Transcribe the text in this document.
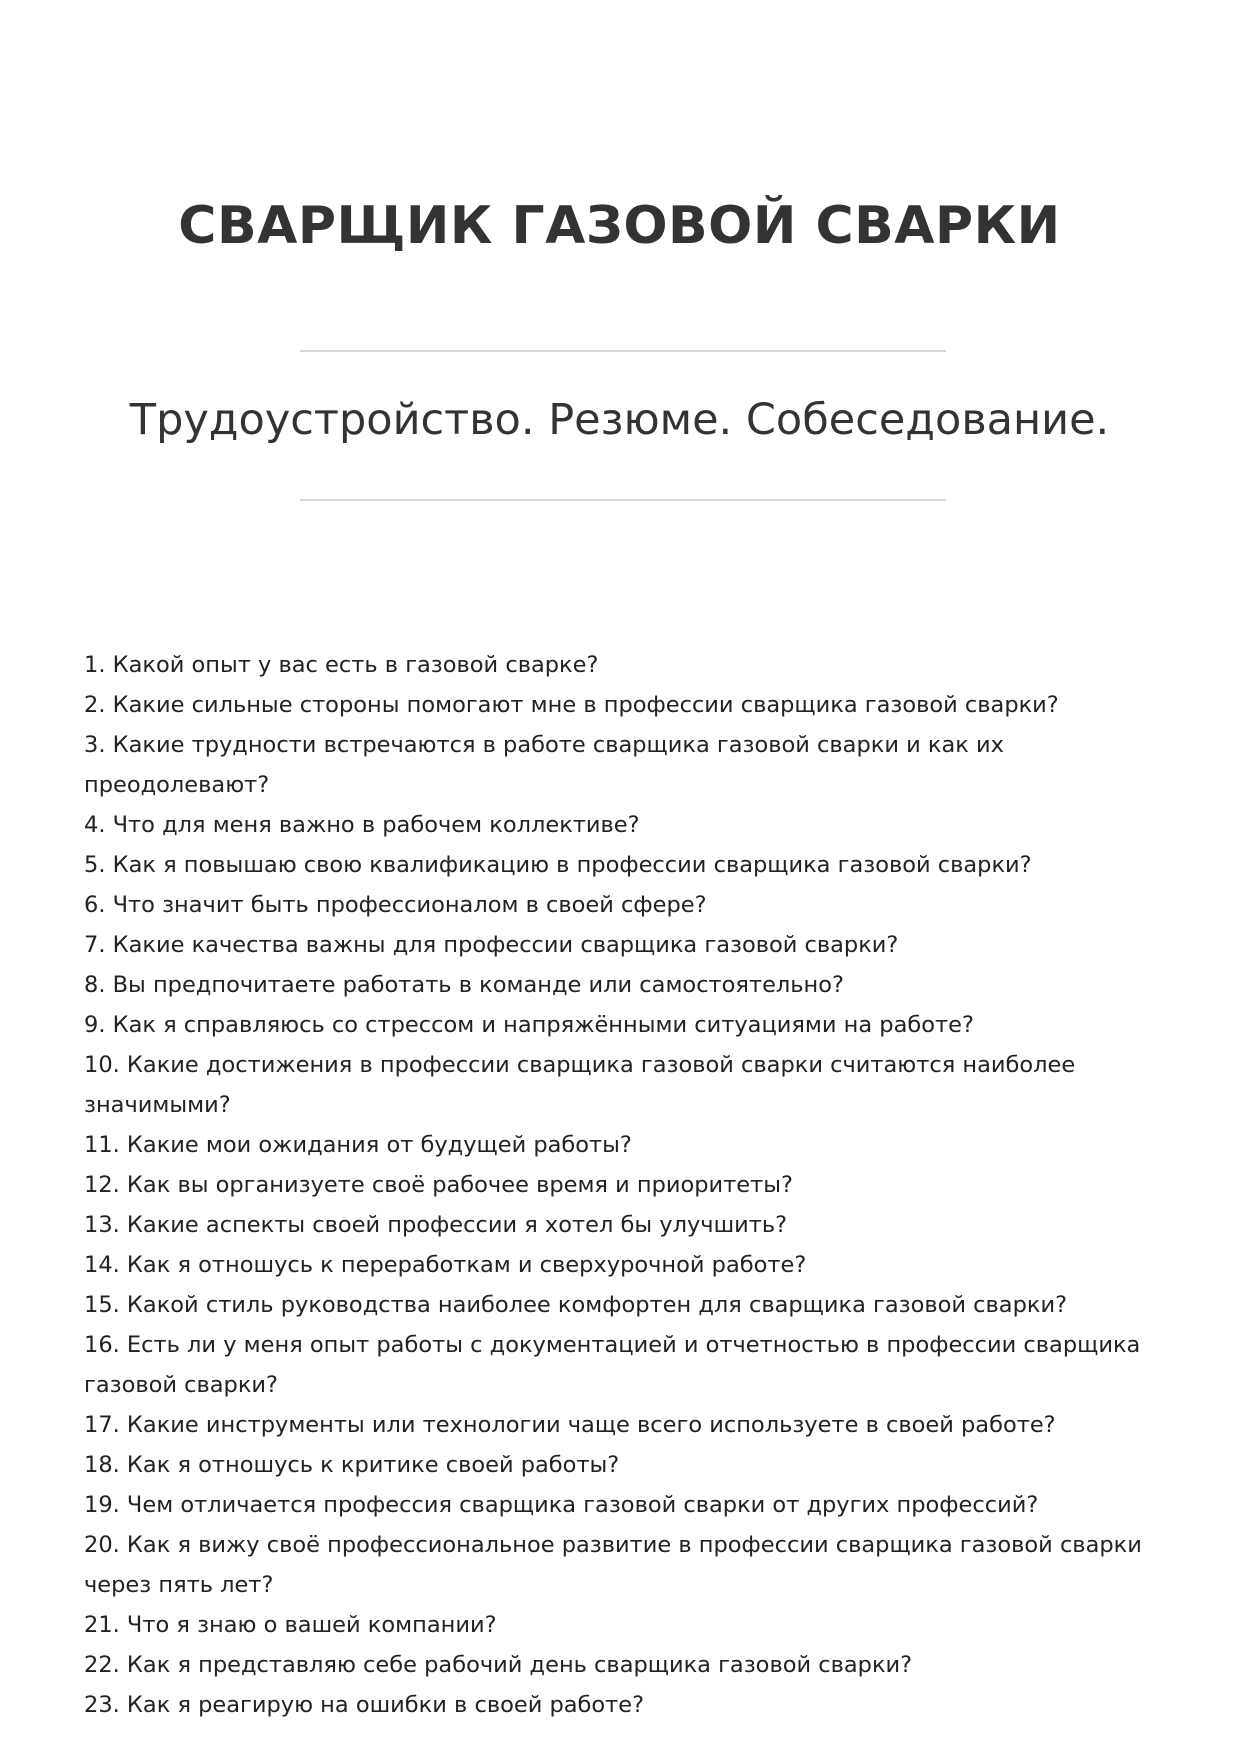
СВАРЩИК ГАЗОВОЙ СВАРКИ
Трудоустройство. Резюме. Собеседование.
1. Какой опыт у вас есть в газовой сварке?
2. Какие сильные стороны помогают мне в профессии сварщика газовой сварки?
3. Какие трудности встречаются в работе сварщика газовой сварки и как их преодолевают?
4. Что для меня важно в рабочем коллективе?
5. Как я повышаю свою квалификацию в профессии сварщика газовой сварки?
6. Что значит быть профессионалом в своей сфере?
7. Какие качества важны для профессии сварщика газовой сварки?
8. Вы предпочитаете работать в команде или самостоятельно?
9. Как я справляюсь со стрессом и напряжёнными ситуациями на работе?
10. Какие достижения в профессии сварщика газовой сварки считаются наиболее значимыми?
11. Какие мои ожидания от будущей работы?
12. Как вы организуете своё рабочее время и приоритеты?
13. Какие аспекты своей профессии я хотел бы улучшить?
14. Как я отношусь к переработкам и сверхурочной работе?
15. Какой стиль руководства наиболее комфортен для сварщика газовой сварки?
16. Есть ли у меня опыт работы с документацией и отчетностью в профессии сварщика газовой сварки?
17. Какие инструменты или технологии чаще всего используете в своей работе?
18. Как я отношусь к критике своей работы?
19. Чем отличается профессия сварщика газовой сварки от других профессий?
20. Как я вижу своё профессиональное развитие в профессии сварщика газовой сварки через пять лет?
21. Что я знаю о вашей компании?
22. Как я представляю себе рабочий день сварщика газовой сварки?
23. Как я реагирую на ошибки в своей работе?
